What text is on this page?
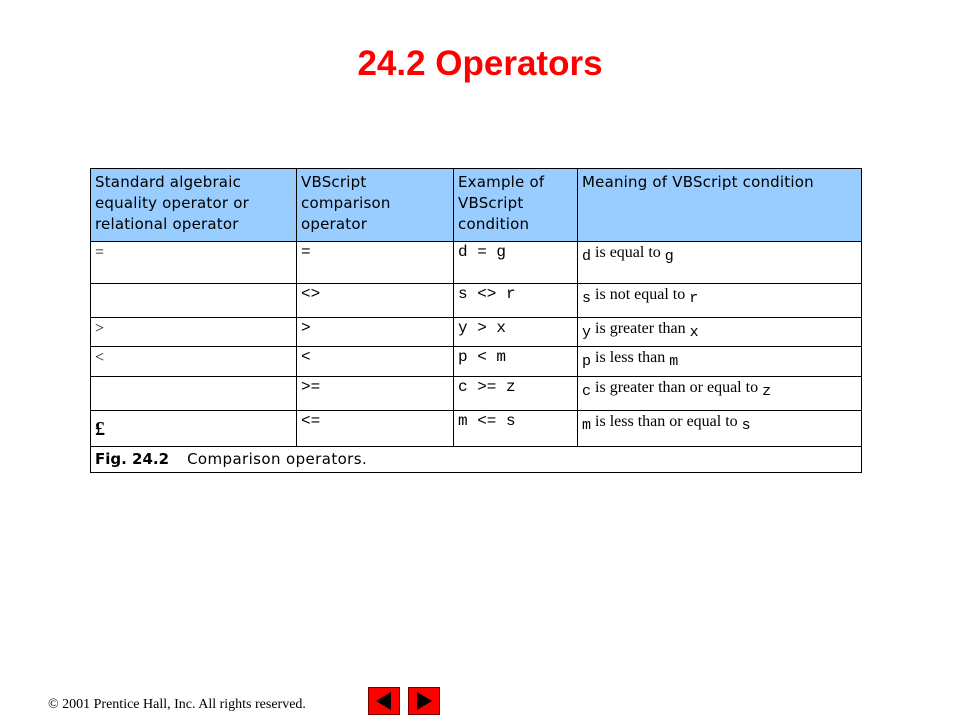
24.2 Operators
Standard algebraic equality operator or relational operator	VBScript comparison operator	Example of VBScript condition	Meaning of VBScript condition
=	=	d = g	d is equal to g
	<>	s <> r	s is not equal to r
>	>	y > x	y is greater than x
<	<	p < m	p is less than m
	>=	c >= z	c is greater than or equal to z
£	<=	m <= s	m is less than or equal to s
Fig. 24.2 Comparison operators.			
© 2001 Prentice Hall, Inc. All rights reserved.
